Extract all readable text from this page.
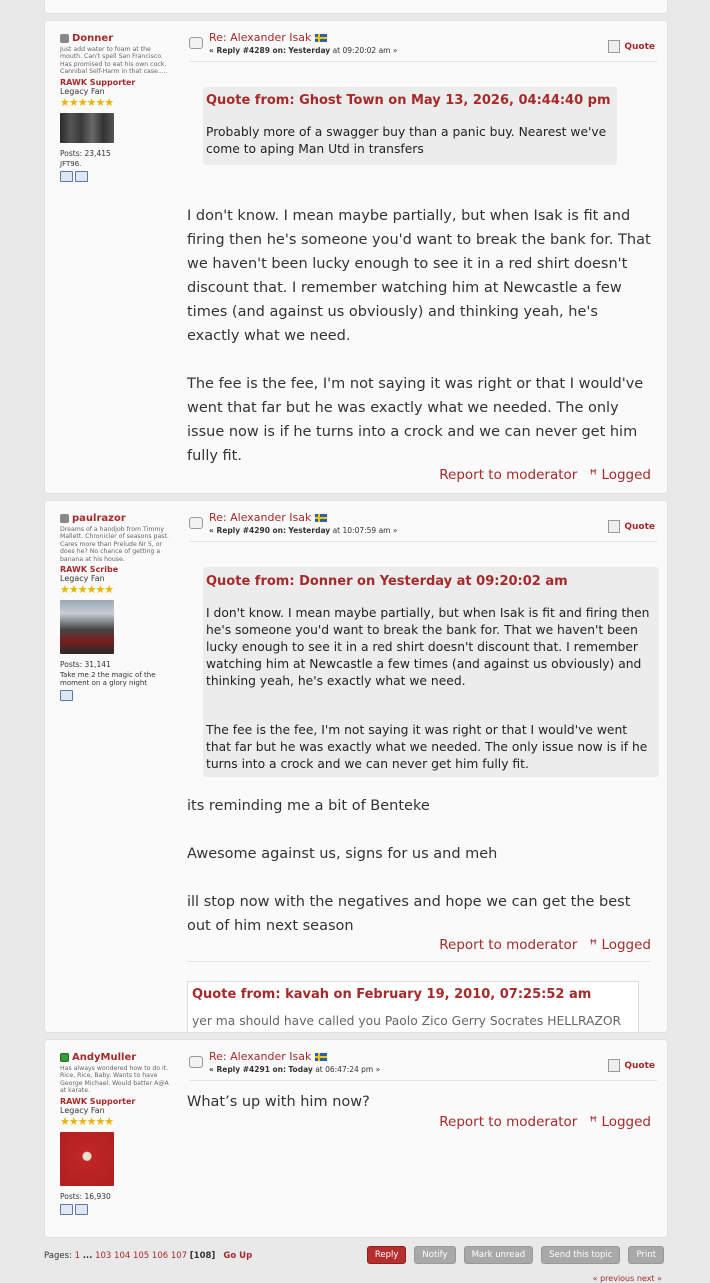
Donner
Just add water to foam at the mouth. Can't spell San Francisco. Has promised to eat his own cock. Cannibal Self-Harm in that case.....
RAWK Supporter
Legacy Fan
★★★★★★
Posts: 23,415
JFT96.
Re: Alexander Isak
« Reply #4289 on: Yesterday at 09:20:02 am »	Quote
Quote from: Ghost Town on May 13, 2026, 04:44:40 pm
Probably more of a swagger buy than a panic buy. Nearest we've come to aping Man Utd in transfers

I don't know. I mean maybe partially, but when Isak is fit and firing then he's someone you'd want to break the bank for. That we haven't been lucky enough to see it in a red shirt doesn't discount that. I remember watching him at Newcastle a few times (and against us obviously) and thinking yeah, he's exactly what we need.

The fee is the fee, I'm not saying it was right or that I would've went that far but he was exactly what we needed. The only issue now is if he turns into a crock and we can never get him fully fit.

Report to moderator ꟸ Logged
paulrazor
Dreams of a handjob from Timmy Mallett. Chronicler of seasons past. Cares more than Prelude Nr 5, or does he? No chance of getting a banana at his house.
RAWK Scribe
Legacy Fan
★★★★★★
Posts: 31,141
Take me 2 the magic of the moment on a glory night
Re: Alexander Isak
« Reply #4290 on: Yesterday at 10:07:59 am »	Quote
Quote from: Donner on Yesterday at 09:20:02 am
I don't know. I mean maybe partially, but when Isak is fit and firing then he's someone you'd want to break the bank for. That we haven't been lucky enough to see it in a red shirt doesn't discount that. I remember watching him at Newcastle a few times (and against us obviously) and thinking yeah, he's exactly what we need.
The fee is the fee, I'm not saying it was right or that I would've went that far but he was exactly what we needed. The only issue now is if he turns into a crock and we can never get him fully fit.

its reminding me a bit of Benteke

Awesome against us, signs for us and meh

ill stop now with the negatives and hope we can get the best out of him next season

Report to moderator ꟸ Logged
Quote from: kavah on February 19, 2010, 07:25:52 am
yer ma should have called you Paolo Zico Gerry Socrates HELLRAZOR
AndyMuller
Has always wondered how to do it. Rice, Rice, Baby. Wants to have George Michael. Would batter A@A at karate.
RAWK Supporter
Legacy Fan
★★★★★★
Posts: 16,930
Re: Alexander Isak
« Reply #4291 on: Today at 06:47:24 pm »	Quote

What’s up with him now?

Report to moderator ꟸ Logged
Pages: 1 ... 103 104 105 106 107 [108] Go Up	Reply	Notify	Mark unread	Send this topic	Print
« previous next »
